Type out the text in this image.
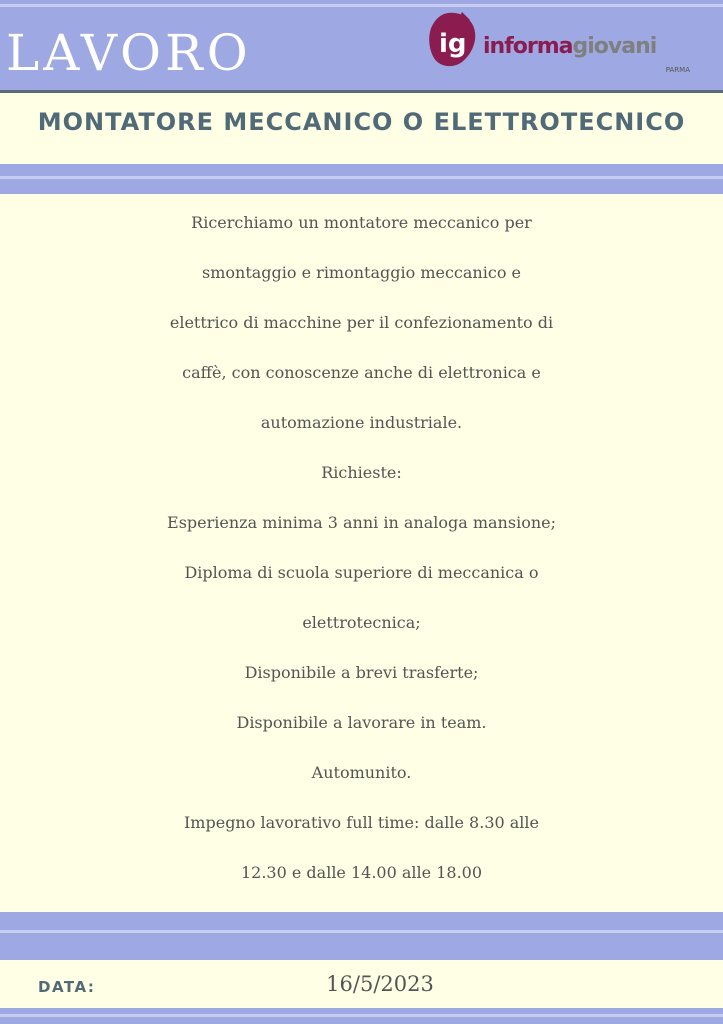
LAVORO	ig informagiovani
PARMA
MONTATORE MECCANICO O ELETTROTECNICO
Ricerchiamo un montatore meccanico per
smontaggio e rimontaggio meccanico e
elettrico di macchine per il confezionamento di
caffè, con conoscenze anche di elettronica e
automazione industriale.
Richieste:
Esperienza minima 3 anni in analoga mansione;
Diploma di scuola superiore di meccanica o
elettrotecnica;
Disponibile a brevi trasferte;
Disponibile a lavorare in team.
Automunito.
Impegno lavorativo full time: dalle 8.30 alle
12.30 e dalle 14.00 alle 18.00
DATA:	16/5/2023
